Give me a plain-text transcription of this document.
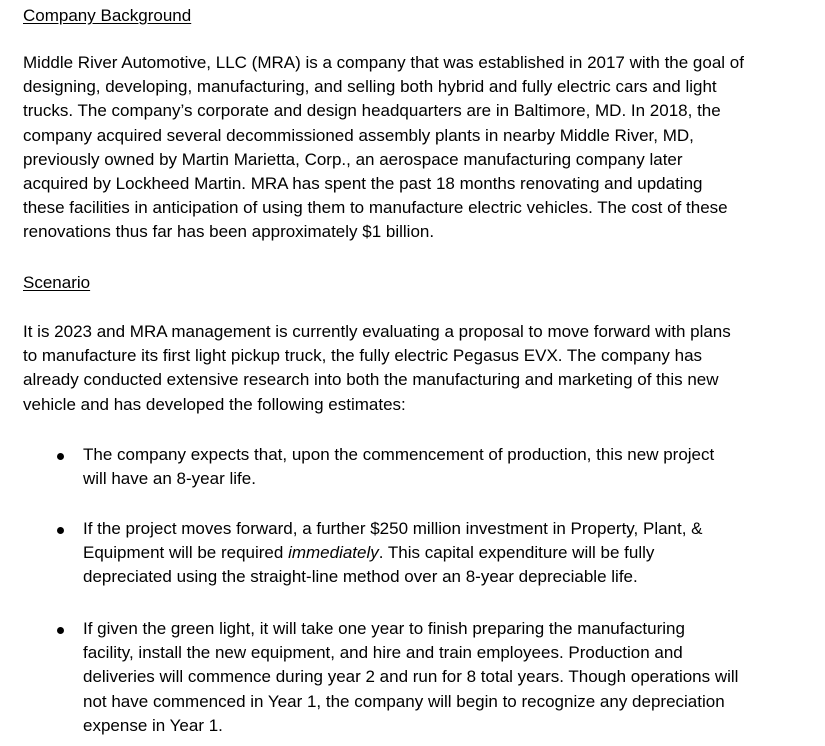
Company Background
Middle River Automotive, LLC (MRA) is a company that was established in 2017 with the goal of
designing, developing, manufacturing, and selling both hybrid and fully electric cars and light
trucks. The company’s corporate and design headquarters are in Baltimore, MD. In 2018, the
company acquired several decommissioned assembly plants in nearby Middle River, MD,
previously owned by Martin Marietta, Corp., an aerospace manufacturing company later
acquired by Lockheed Martin. MRA has spent the past 18 months renovating and updating
these facilities in anticipation of using them to manufacture electric vehicles. The cost of these
renovations thus far has been approximately $1 billion.
Scenario
It is 2023 and MRA management is currently evaluating a proposal to move forward with plans
to manufacture its first light pickup truck, the fully electric Pegasus EVX. The company has
already conducted extensive research into both the manufacturing and marketing of this new
vehicle and has developed the following estimates:
The company expects that, upon the commencement of production, this new project
will have an 8-year life.
If the project moves forward, a further $250 million investment in Property, Plant, &
Equipment will be required immediately. This capital expenditure will be fully
depreciated using the straight-line method over an 8-year depreciable life.
If given the green light, it will take one year to finish preparing the manufacturing
facility, install the new equipment, and hire and train employees. Production and
deliveries will commence during year 2 and run for 8 total years. Though operations will
not have commenced in Year 1, the company will begin to recognize any depreciation
expense in Year 1.
